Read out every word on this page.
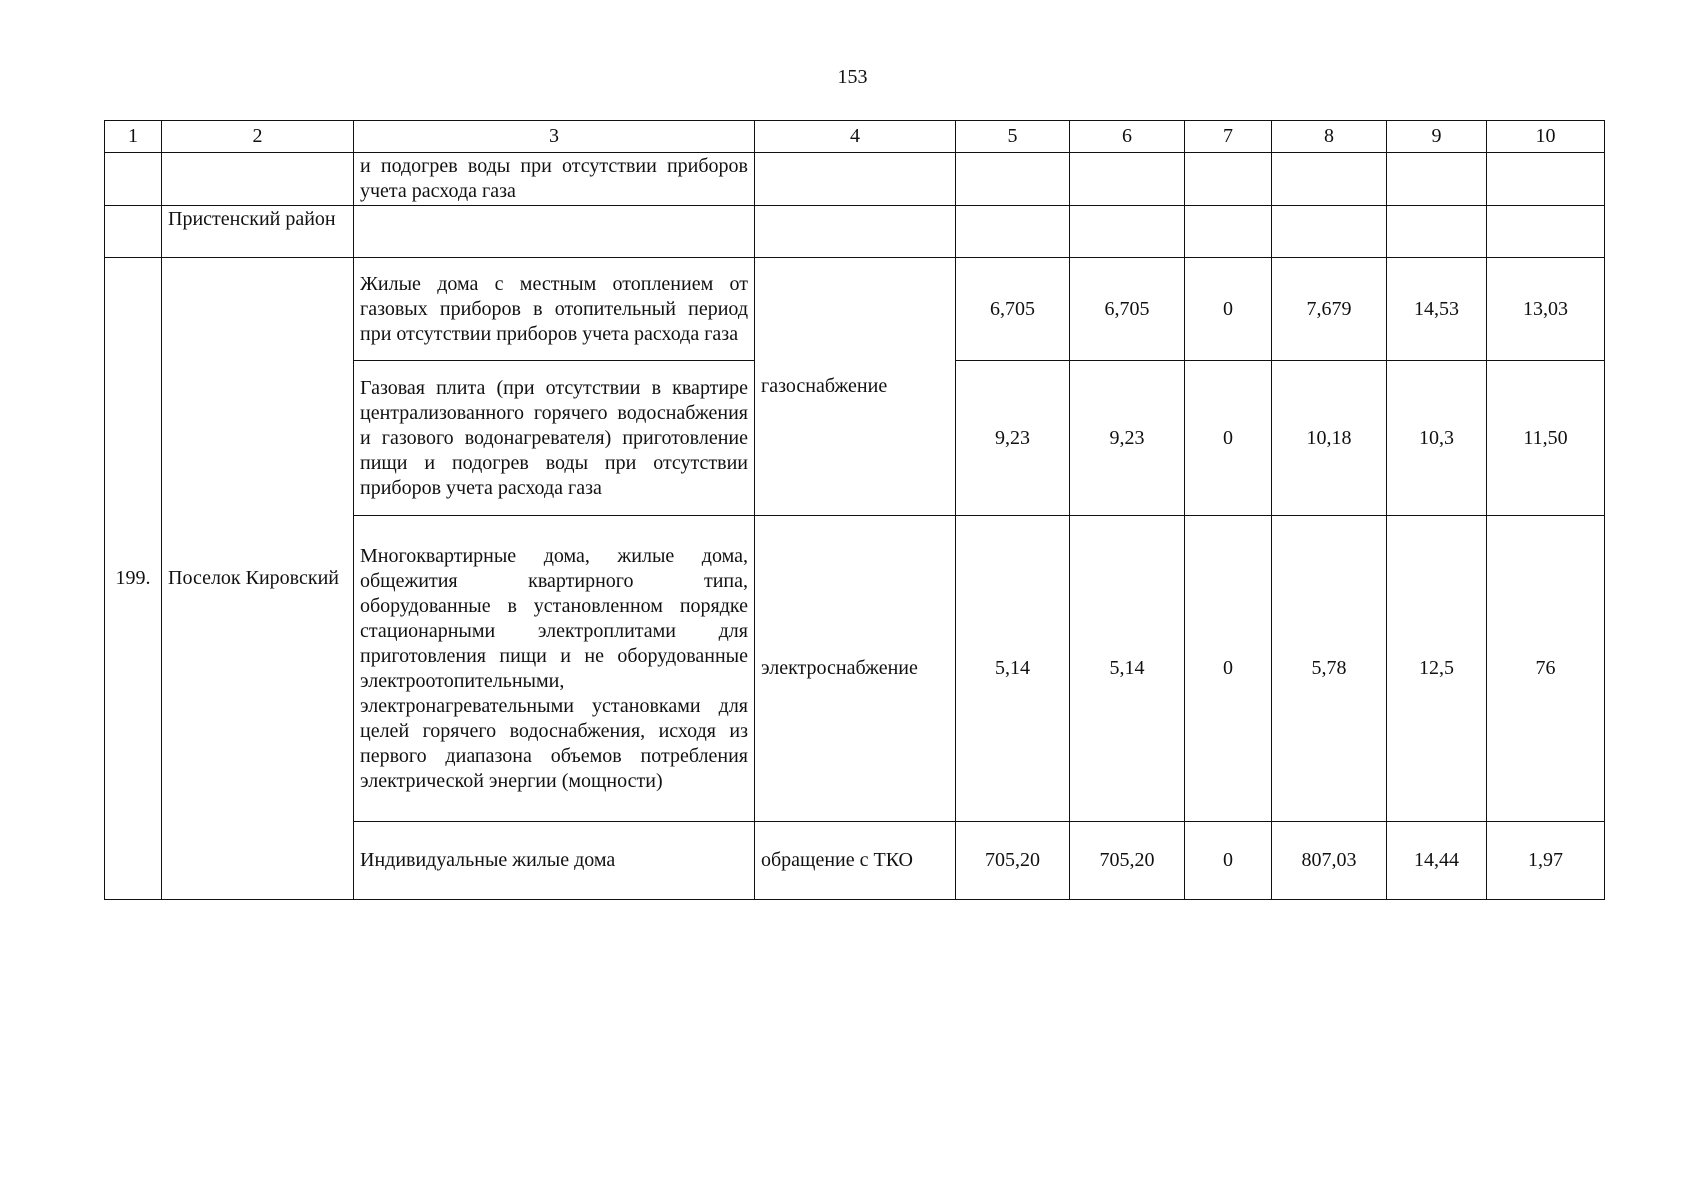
153
1	2	3	4	5	6	7	8	9	10
		и подогрев воды при отсутствии приборов учета расхода газа							
	Пристенский район								
199.	Поселок Кировский	Жилые дома с местным отоплением от газовых приборов в отопительный период при отсутствии приборов учета расхода газа	газоснабжение	6,705	6,705	0	7,679	14,53	13,03
		Газовая плита (при отсутствии в квартире централизованного горячего водоснабжения и газового водонагревателя) приготовление пищи и подогрев воды при отсутствии приборов учета расхода газа		9,23	9,23	0	10,18	10,3	11,50
		Многоквартирные дома, жилые дома, общежития квартирного типа, оборудованные в установленном порядке стационарными электроплитами для приготовления пищи и не оборудованные электроотопительными, электронагревательными установками для целей горячего водоснабжения, исходя из первого диапазона объемов потребления электрической энергии (мощности)	электроснабжение	5,14	5,14	0	5,78	12,5	76
		Индивидуальные жилые дома	обращение с ТКО	705,20	705,20	0	807,03	14,44	1,97
